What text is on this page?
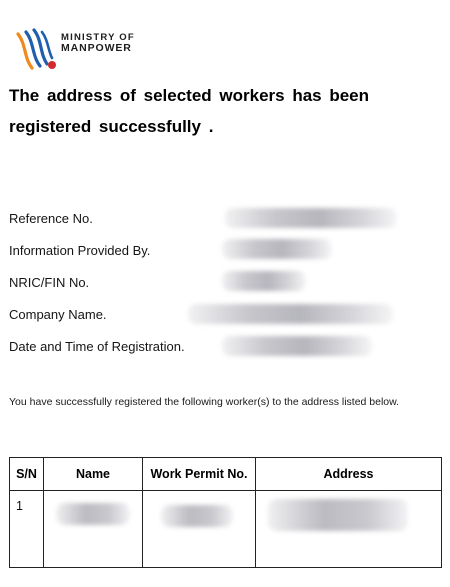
MINISTRY OF
MANPOWER
The address of selected workers has been registered successfully .
Reference No.
Information Provided By.
NRIC/FIN No.
Company Name.
Date and Time of Registration.
You have successfully registered the following worker(s) to the address listed below.
S/N	Name	Work Permit No.	Address
1	
